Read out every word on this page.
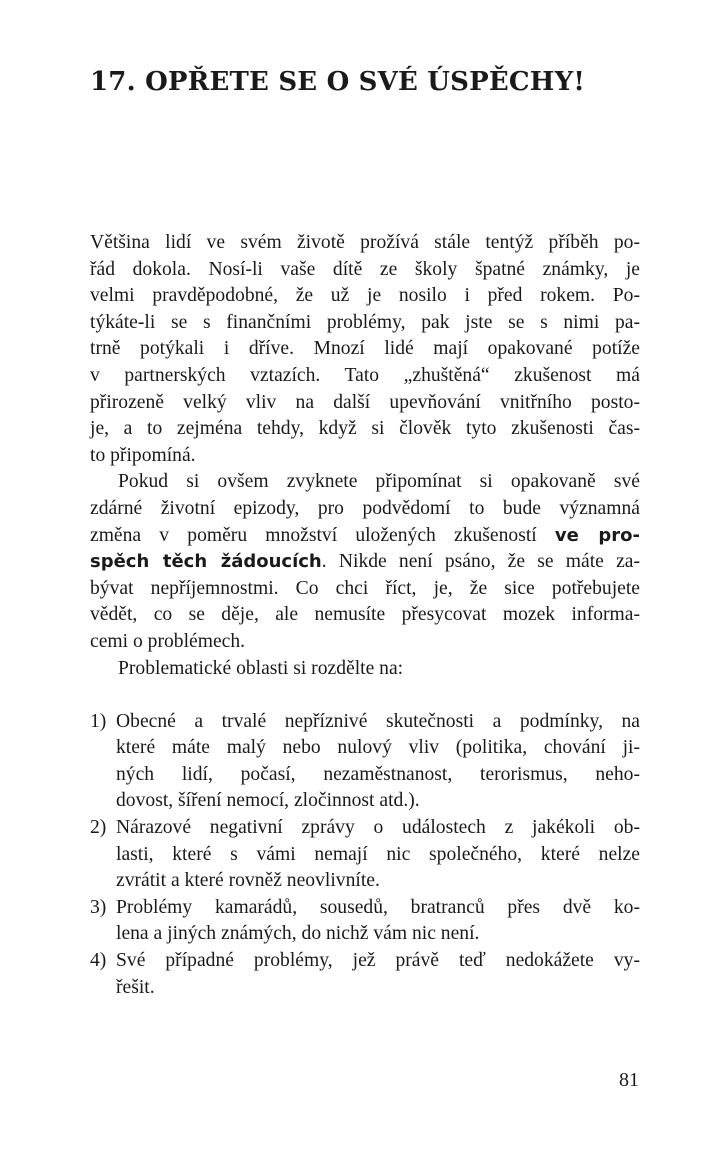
17. OPŘETE SE O SVÉ ÚSPĚCHY!
Většina lidí ve svém životě prožívá stále tentýž příběh po-
řád dokola. Nosí-li vaše dítě ze školy špatné známky, je
velmi pravděpodobné, že už je nosilo i před rokem. Po-
týkáte-li se s finančními problémy, pak jste se s nimi pa-
trně potýkali i dříve. Mnozí lidé mají opakované potíže
v partnerských vztazích. Tato „zhuštěná“ zkušenost má
přirozeně velký vliv na další upevňování vnitřního posto-
je, a to zejména tehdy, když si člověk tyto zkušenosti čas-
to připomíná.
Pokud si ovšem zvyknete připomínat si opakovaně své
zdárné životní epizody, pro podvědomí to bude významná
změna v poměru množství uložených zkušeností ve pro-
spěch těch žádoucích. Nikde není psáno, že se máte za-
bývat nepříjemnostmi. Co chci říct, je, že sice potřebujete
vědět, co se děje, ale nemusíte přesycovat mozek informa-
cemi o problémech.
Problematické oblasti si rozdělte na:
1) Obecné a trvalé nepříznivé skutečnosti a podmínky, na
které máte malý nebo nulový vliv (politika, chování ji-
ných lidí, počasí, nezaměstnanost, terorismus, neho-
dovost, šíření nemocí, zločinnost atd.).
2) Nárazové negativní zprávy o událostech z jakékoli ob-
lasti, které s vámi nemají nic společného, které nelze
zvrátit a které rovněž neovlivníte.
3) Problémy kamarádů, sousedů, bratranců přes dvě ko-
lena a jiných známých, do nichž vám nic není.
4) Své případné problémy, jež právě teď nedokážete vy-
řešit.
81
